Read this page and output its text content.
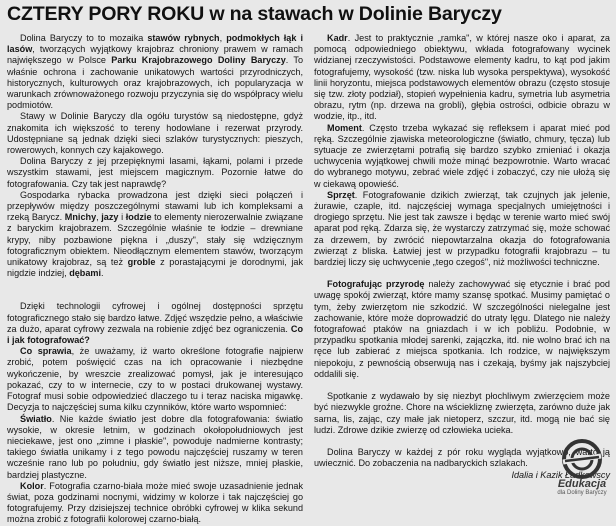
CZTERY PORY ROKU w na stawach w Dolinie Baryczy

Dolina Baryczy to to mozaika stawów rybnych, podmokłych łąk i lasów, tworzących wyjątkowy krajobraz chroniony prawem w ramach największego w Polsce Parku Krajobrazowego Doliny Baryczy. To właśnie ochrona i zachowanie unikatowych wartości przyrodniczych, historycznych, kulturowych oraz krajobrazowych, ich popularyzacja w warunkach zrównoważonego rozwoju przyczynia się do współpracy wielu podmiotów.

Stawy w Dolinie Baryczy dla ogółu turystów są niedostępne, gdyż znakomita ich większość to tereny hodowlane i rezerwat przyrody. Udostępniane są jednak dzięki sieci szlaków turystycznych: pieszych, rowerowych, konnych czy kajakowego.

Dolina Baryczy z jej przepięknymi lasami, łąkami, polami i przede wszystkim stawami, jest miejscem magicznym. Pozornie łatwe do fotografowania. Czy tak jest naprawdę?

Gospodarka rybacka prowadzona jest dzięki sieci połączeń i przepływów między poszczególnymi stawami lub ich kompleksami a rzeką Barycz. Mnichy, jazy i łodzie to elementy nierozerwalnie związane z baryckim krajobrazem. Szczególnie właśnie te łodzie – drewniane krypy, niby pozbawione piękna i „duszy", stały się wdzięcznym fotograficznym obiektem. Nieodłącznym elementem stawów, tworzącym unikatowy krajobraz, są też groble z porastającymi je dorodnymi, jak nigdzie indziej, dębami.

Dzięki technologii cyfrowej i ogólnej dostępności sprzętu fotograficznego stało się bardzo łatwe. Zdjęć wszędzie pełno, a właściwie za dużo, aparat cyfrowy zezwala na robienie zdjęć bez ograniczenia. Co i jak fotografować?

Co sprawia, że uważamy, iż warto określone fotografie najpierw zrobić, potem poświęcić czas na ich opracowanie i niezbędne wykończenie, by wreszcie zrealizować pomysł, jak je interesująco pokazać, czy to w internecie, czy to w postaci drukowanej wystawy. Fotograf musi sobie odpowiedzieć dlaczego tu i teraz naciska migawkę. Decyzja to najczęściej suma kilku czynników, które warto wspomnieć:

Światło. Nie każde światło jest dobre dla fotografowania: światło wysokie, w okresie letnim, w godzinach okołopołudniowych jest nieciekawe, jest ono „zimne i płaskie", powoduje nadmierne kontrasty; takiego światła unikamy i z tego powodu najczęściej ruszamy w teren wcześnie rano lub po południu, gdy światło jest niższe, mniej płaskie, bardziej plastyczne.

Kolor. Fotografia czarno-biała może mieć swoje uzasadnienie jednak świat, poza godzinami nocnymi, widzimy w kolorze i tak najczęściej go fotografujemy. Przy dzisiejszej technice obróbki cyfrowej w klika sekund można zrobić z fotografii kolorowej czarno-białą.

Kadr. Jest to praktycznie „ramka", w której nasze oko i aparat, za pomocą odpowiedniego obiektywu, wkłada fotografowany wycinek widzianej rzeczywistości. Podstawowe elementy kadru, to kąt pod jakim fotografujemy, wysokość (tzw. niska lub wysoka perspektywa), wysokość linii horyzontu, miejsca podstawowych elementów obrazu (często stosuje się tzw. złoty podział), stopień wypełnienia kadru, symetria lub asymetria obrazu, rytm (np. drzewa na grobli), głębia ostrości, odbicie obrazu w wodzie, itp., itd.

Moment. Często trzeba wykazać się refleksem i aparat mieć pod ręką. Szczególnie zjawiska meteorologiczne (światło, chmury, tęcza) lub sytuacje ze zwierzętami potrafią się bardzo szybko zmieniać i okazja uchwycenia wyjątkowej chwili może minąć bezpowrotnie. Warto wracać do wybranego motywu, zebrać wiele zdjęć i zobaczyć, czy nie ułożą się w ciekawą opowieść.

Sprzęt. Fotografowanie dzikich zwierząt, tak czujnych jak jelenie, żurawie, czaple, itd. najczęściej wymaga specjalnych umiejętności i drogiego sprzętu. Nie jest tak zawsze i będąc w terenie warto mieć swój aparat pod ręką. Zdarza się, że wystarczy zatrzymać się, może schować za drzewem, by zwrócić niepowtarzalna okazja do fotografowania zwierząt z bliska. Łatwiej jest w przypadku fotografii krajobrazu – tu bardziej liczy się uchwycenie „tego czegoś", niż możliwości techniczne.

Fotografując przyrodę należy zachowywać się etycznie i brać pod uwagę spokój zwierząt, które mamy szansę spotkać. Musimy pamiętać o tym, żeby zwierzętom nie szkodzić. W szczególności nielegalne jest zachowanie, które może doprowadzić do utraty lęgu. Dlatego nie należy fotografować ptaków na gniazdach i w ich pobliżu. Podobnie, w przypadku spotkania młodej sarenki, zajączka, itd. nie wolno brać ich na ręce lub zabierać z miejsca spotkania. Ich rodzice, w największym niepokoju, z pewnością obserwują nas i czekają, byśmy jak najszybciej oddalili się.

Spotkanie z wydawało by się niezbyt płochliwym zwierzęciem może być niezwykle groźne. Chore na wściekliznę zwierzęta, zarówno duże jak sarna, lis, zając, czy małe jak nietoperz, szczur, itd. mogą nie bać się ludzi. Zdrowe dzikie zwierzę od człowieka ucieka.

Dolina Baryczy w każdej z pór roku wygląda wyjątkowo, warto ją uwiecznić. Do zobaczenia na nadbaryckich szlakach.

Idalia i Kazik Ładkowscy

Edukacja
dla Doliny Baryczy
